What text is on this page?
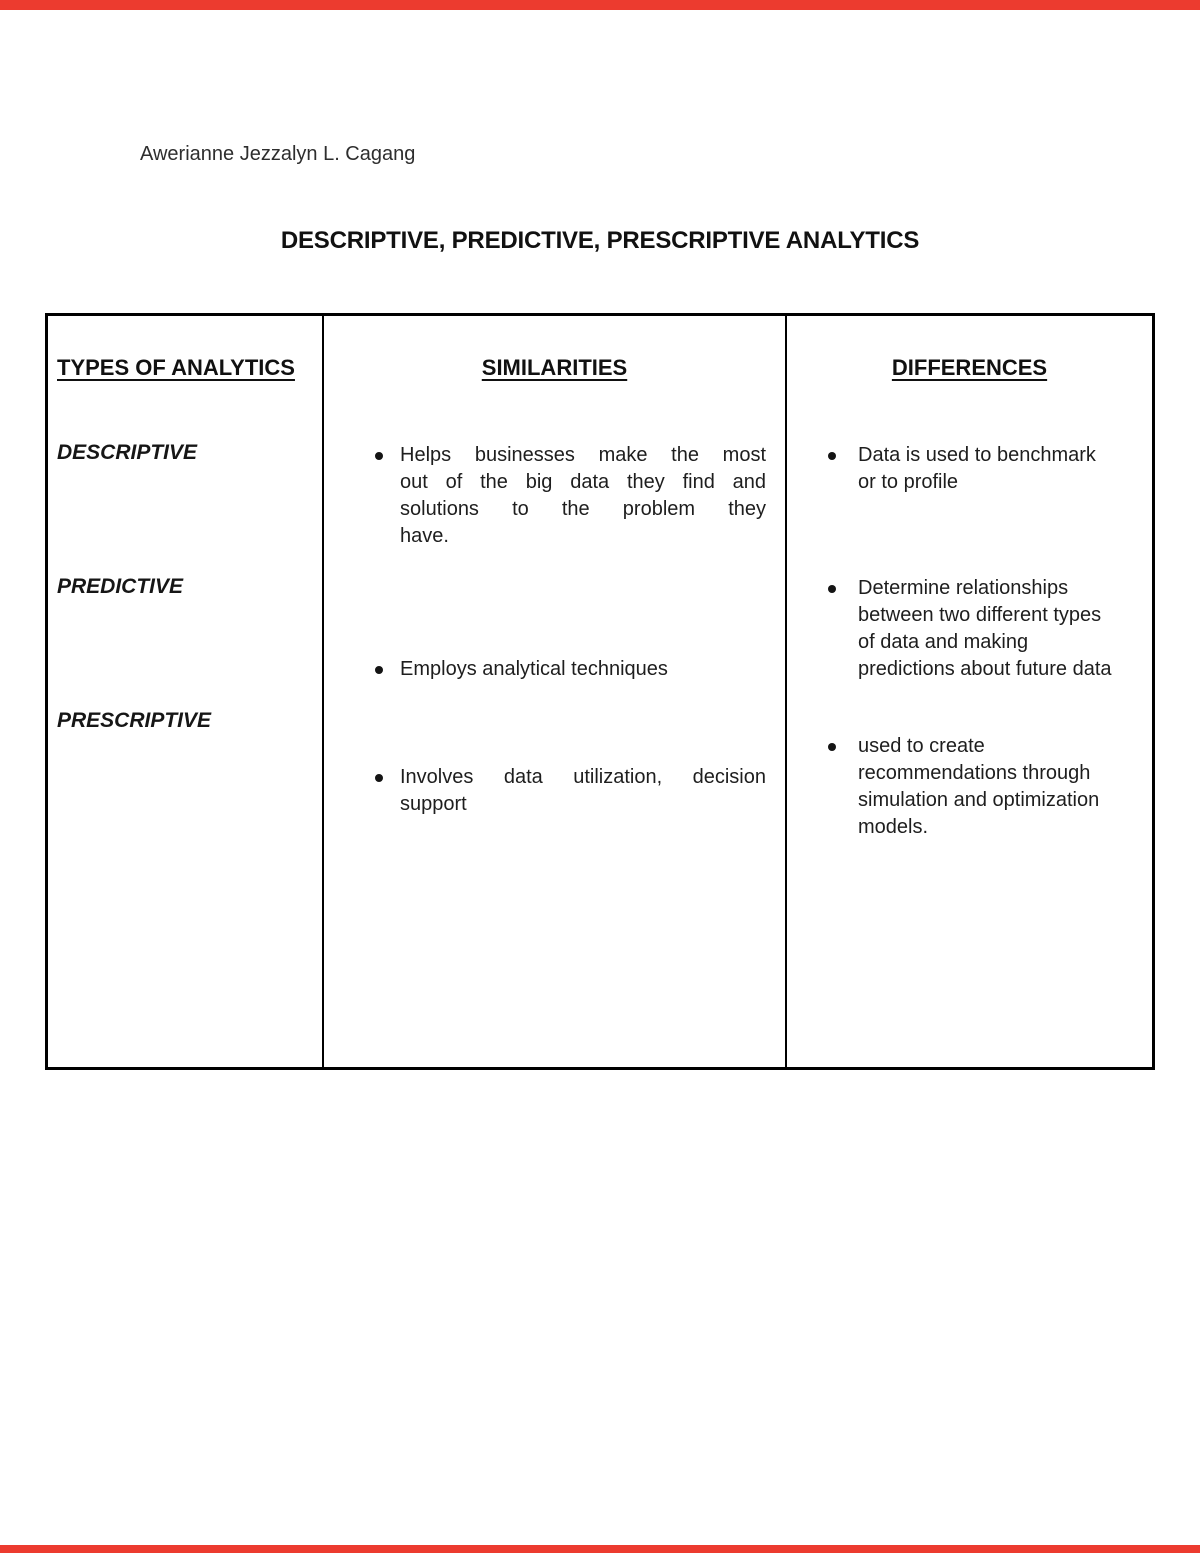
Awerianne Jezzalyn L. Cagang
DESCRIPTIVE, PREDICTIVE, PRESCRIPTIVE ANALYTICS
TYPES OF ANALYTICS
DESCRIPTIVE
PREDICTIVE
PRESCRIPTIVE
SIMILARITIES
Helps businesses make the most
out of the big data they find and
solutions to the problem they
have.
Employs analytical techniques
Involves data utilization, decision
support
DIFFERENCES
Data is used to benchmark
or to profile
Determine relationships
between two different types
of data and making
predictions about future data
used to create
recommendations through
simulation and optimization
models.
